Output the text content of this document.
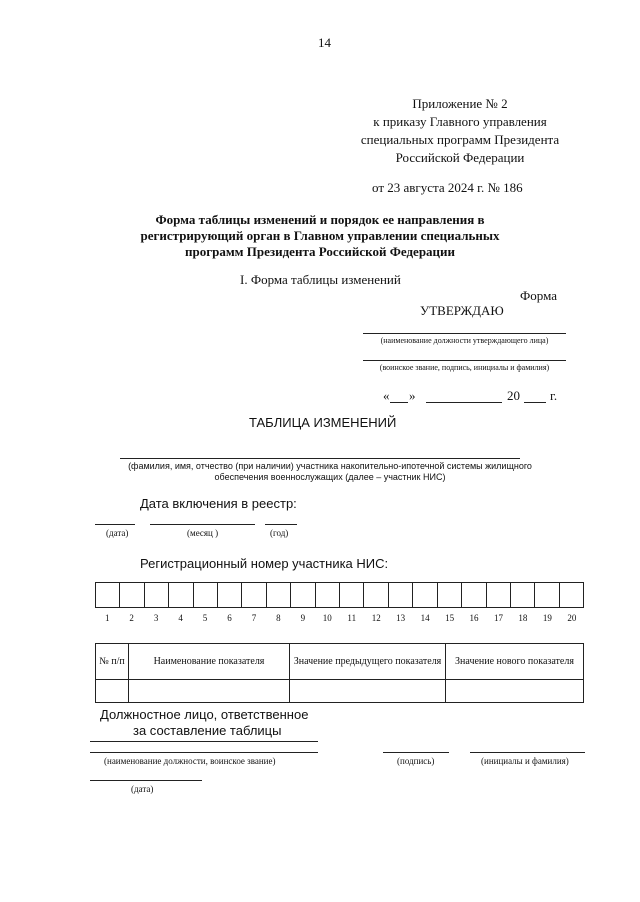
14
Приложение № 2
к приказу Главного управления
специальных программ Президента
Российской Федерации
от 23 августа 2024 г. № 186
Форма таблицы изменений и порядок ее направления в
регистрирующий орган в Главном управлении специальных
программ Президента Российской Федерации
I. Форма таблицы изменений
Форма
УТВЕРЖДАЮ
(наименование должности утверждающего лица)
(воинское звание, подпись, инициалы и фамилия)
« »	20 г.
ТАБЛИЦА ИЗМЕНЕНИЙ
(фамилия, имя, отчество (при наличии) участника накопительно-ипотечной системы жилищного
обеспечения военнослужащих (далее – участник НИС)
Дата включения в реестр:
(дата)	(месяц )	(год)
Регистрационный номер участника НИС:
1	2	3	4	5	6	7	8	9	10	11	12	13	14	15	16	17	18	19	20
№ п/п	Наименование показателя	Значение предыдущего показателя	Значение нового показателя

Должностное лицо, ответственное
за составление таблицы
(наименование должности, воинское звание)	(подпись)	(инициалы и фамилия)
(дата)
